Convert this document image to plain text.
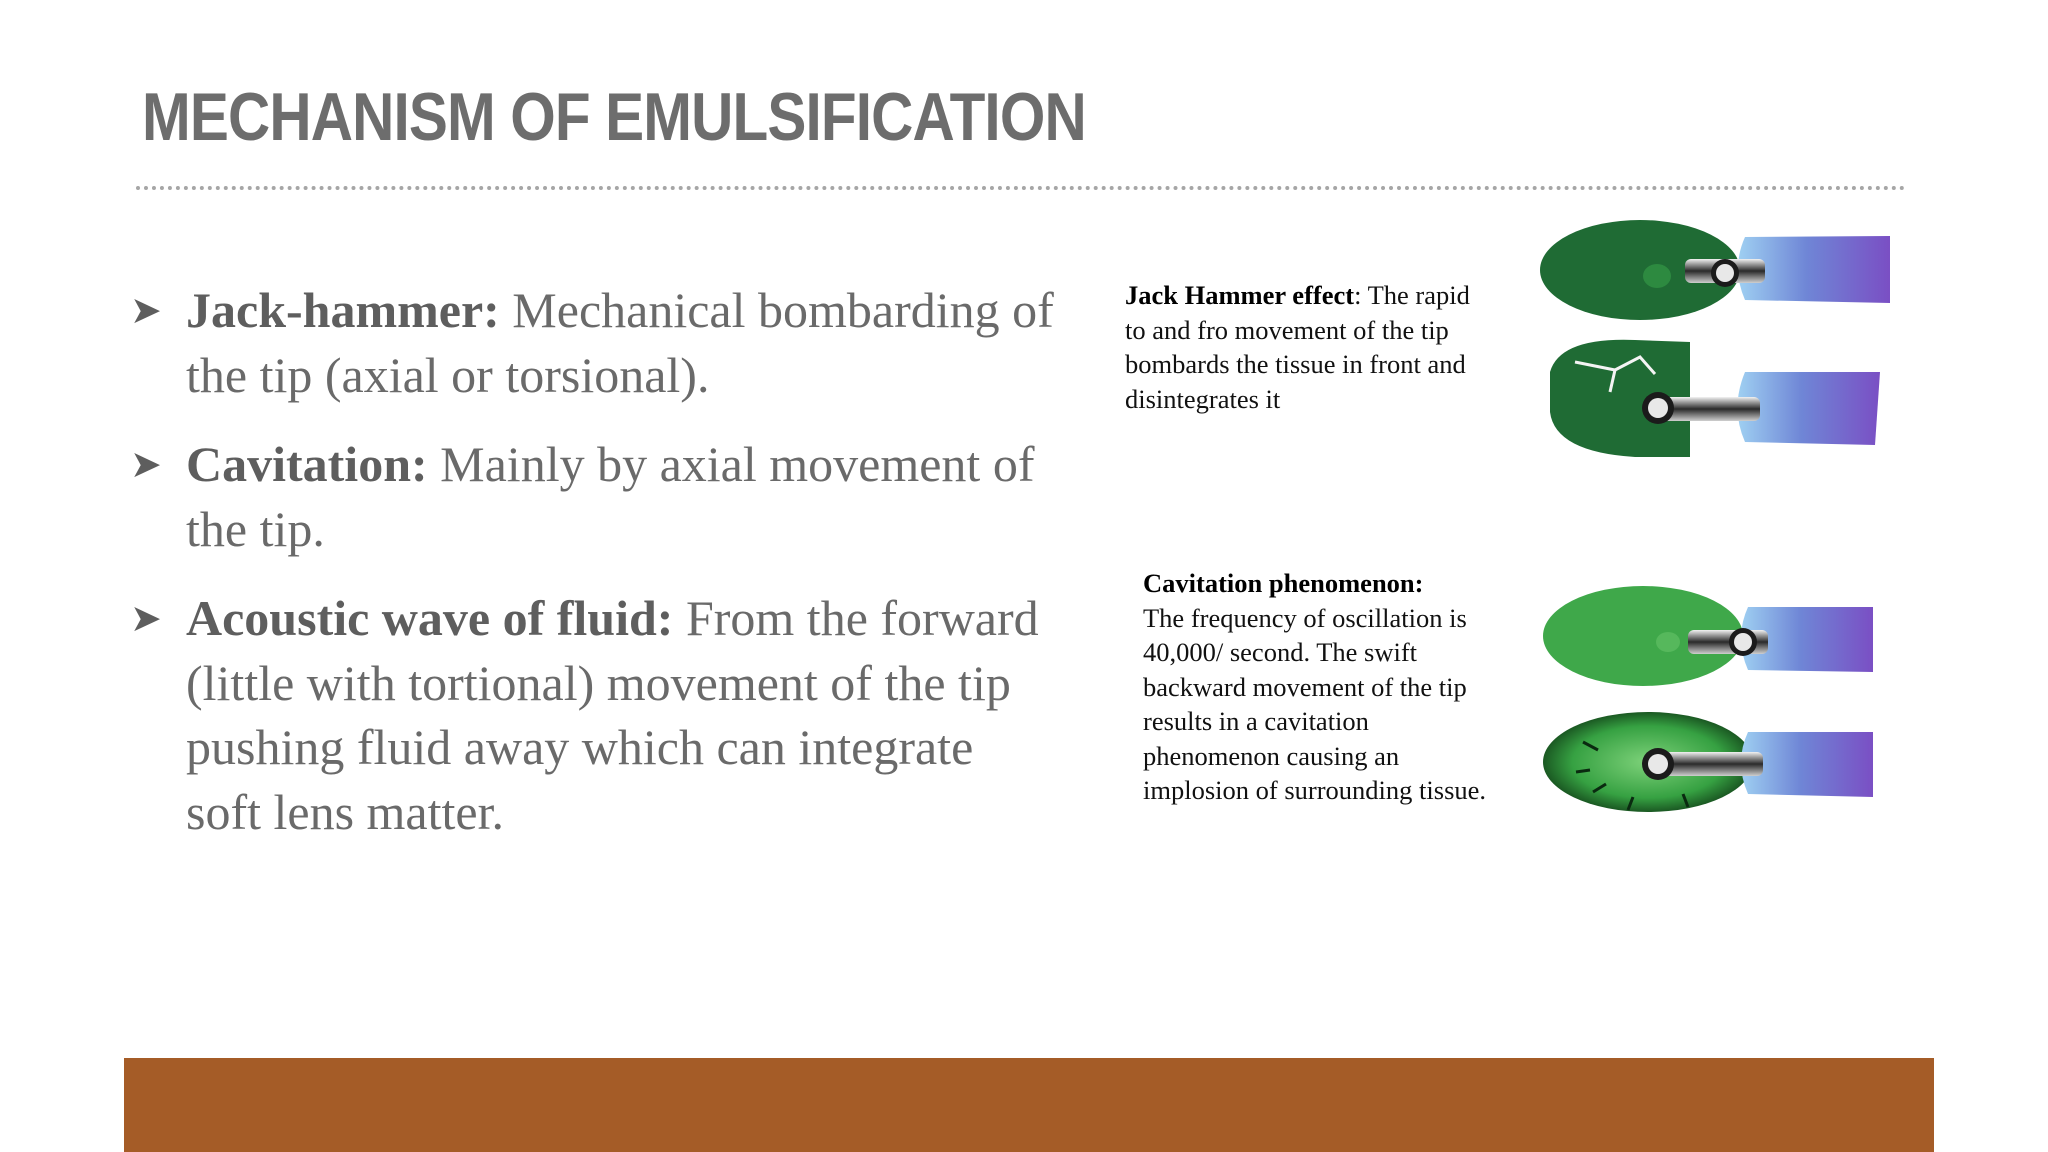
MECHANISM OF EMULSIFICATION
➤ Jack-hammer: Mechanical bombarding of the tip (axial or torsional).
➤ Cavitation: Mainly by axial movement of the tip.
➤ Acoustic wave of fluid: From the forward (little with tortional) movement of the tip pushing fluid away which can integrate soft lens matter.

Jack Hammer effect: The rapid to and fro movement of the tip bombards the tissue in front and disintegrates it

Cavitation phenomenon:
The frequency of oscillation is 40,000/ second. The swift backward movement of the tip results in a cavitation phenomenon causing an implosion of surrounding tissue.
